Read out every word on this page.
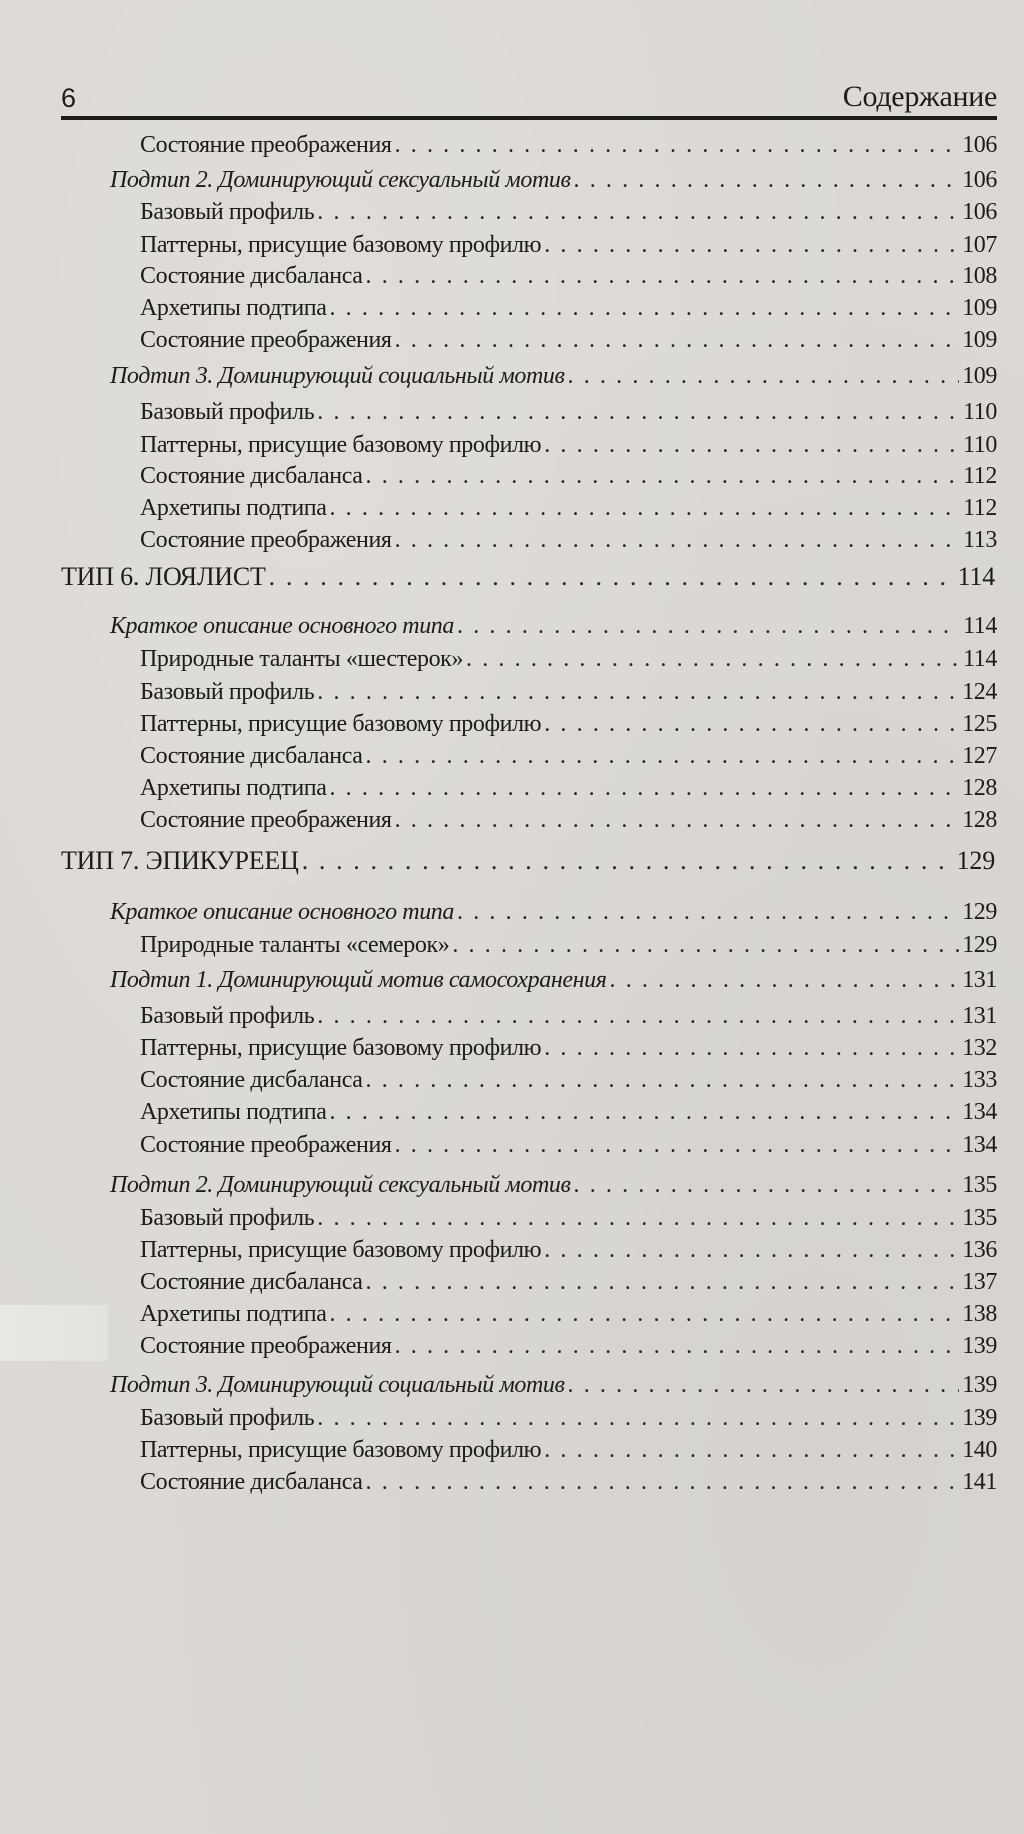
6	Содержание
Состояние преображения . . .	106
Подтип 2. Доминирующий сексуальный мотив . . .	106
Базовый профиль . . .	106
Паттерны, присущие базовому профилю . . .	107
Состояние дисбаланса . . .	108
Архетипы подтипа . . .	109
Состояние преображения . . .	109
Подтип 3. Доминирующий социальный мотив . . .	109
Базовый профиль . . .	110
Паттерны, присущие базовому профилю . . .	110
Состояние дисбаланса . . .	112
Архетипы подтипа . . .	112
Состояние преображения . . .	113
ТИП 6. ЛОЯЛИСТ . . .	114
Краткое описание основного типа . . .	114
Природные таланты «шестерок» . . .	114
Базовый профиль . . .	124
Паттерны, присущие базовому профилю . . .	125
Состояние дисбаланса . . .	127
Архетипы подтипа . . .	128
Состояние преображения . . .	128
ТИП 7. ЭПИКУРЕЕЦ . . .	129
Краткое описание основного типа . . .	129
Природные таланты «семерок» . . .	129
Подтип 1. Доминирующий мотив самосохранения . . .	131
Базовый профиль . . .	131
Паттерны, присущие базовому профилю . . .	132
Состояние дисбаланса . . .	133
Архетипы подтипа . . .	134
Состояние преображения . . .	134
Подтип 2. Доминирующий сексуальный мотив . . .	135
Базовый профиль . . .	135
Паттерны, присущие базовому профилю . . .	136
Состояние дисбаланса . . .	137
Архетипы подтипа . . .	138
Состояние преображения . . .	139
Подтип 3. Доминирующий социальный мотив . . .	139
Базовый профиль . . .	139
Паттерны, присущие базовому профилю . . .	140
Состояние дисбаланса . . .	141
